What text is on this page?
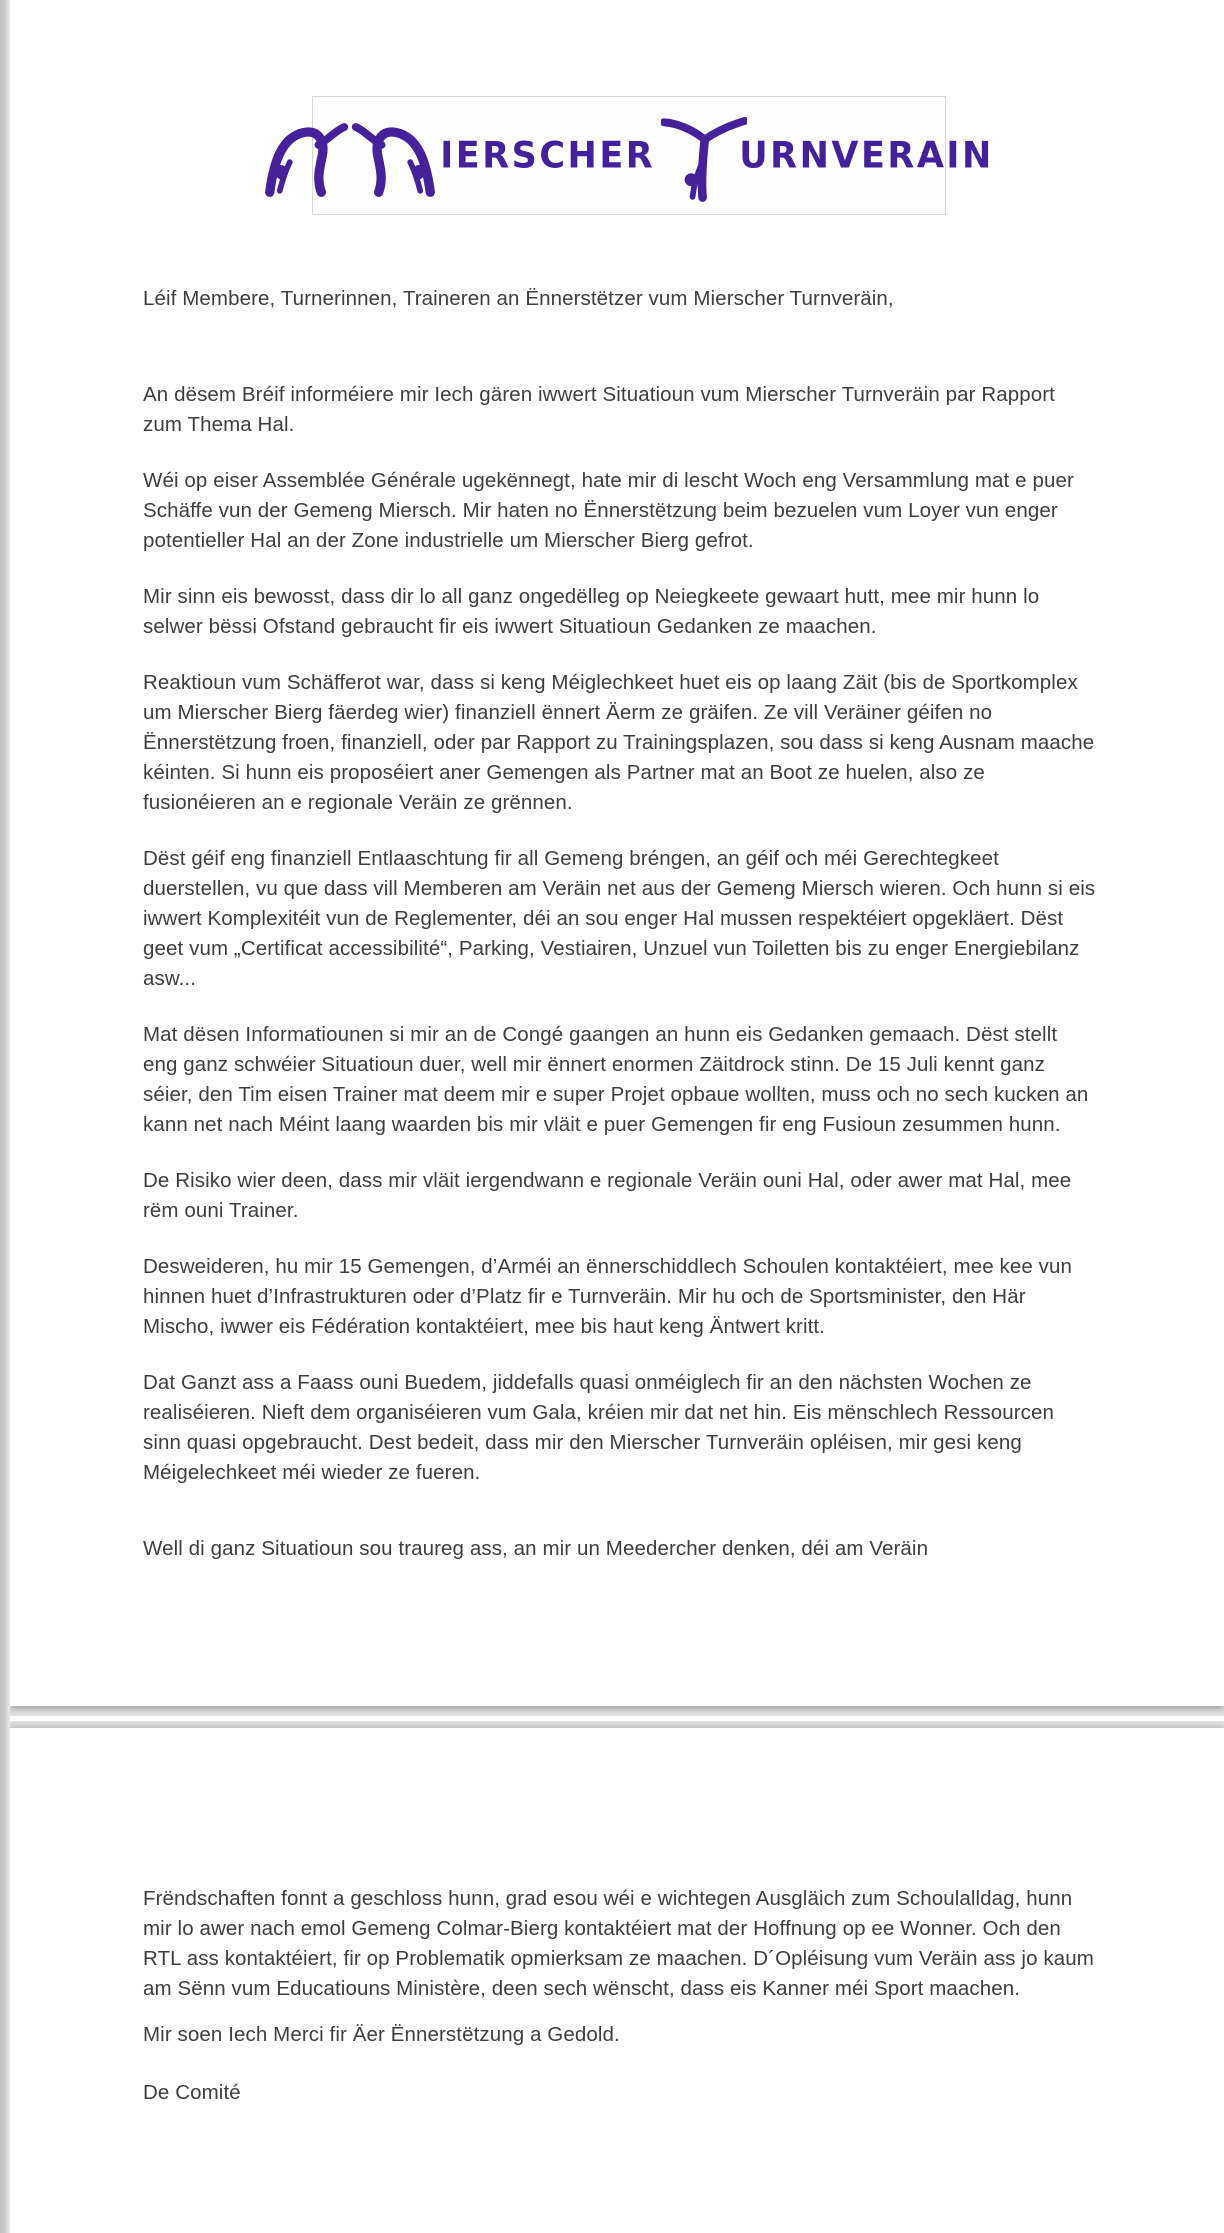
IERSCHER URNVERAIN

Léif Membere, Turnerinnen, Traineren an Ënnerstëtzer vum Mierscher Turnveräin,

An dësem Bréif informéiere mir Iech gären iwwert Situatioun vum Mierscher Turnveräin par Rapport zum Thema Hal.

Wéi op eiser Assemblée Générale ugekënnegt, hate mir di lescht Woch eng Versammlung mat e puer Schäffe vun der Gemeng Miersch. Mir haten no Ënnerstëtzung beim bezuelen vum Loyer vun enger potentieller Hal an der Zone industrielle um Mierscher Bierg gefrot.

Mir sinn eis bewosst, dass dir lo all ganz ongedëlleg op Neiegkeete gewaart hutt, mee mir hunn lo selwer bëssi Ofstand gebraucht fir eis iwwert Situatioun Gedanken ze maachen.

Reaktioun vum Schäfferot war, dass si keng Méiglechkeet huet eis op laang Zäit (bis de Sportkomplex um Mierscher Bierg fäerdeg wier) finanziell ënnert Äerm ze gräifen. Ze vill Veräiner géifen no Ënnerstëtzung froen, finanziell, oder par Rapport zu Trainingsplazen, sou dass si keng Ausnam maache kéinten. Si hunn eis proposéiert aner Gemengen als Partner mat an Boot ze huelen, also ze fusionéieren an e regionale Veräin ze grënnen.

Dëst géif eng finanziell Entlaaschtung fir all Gemeng bréngen, an géif och méi Gerechtegkeet duerstellen, vu que dass vill Memberen am Veräin net aus der Gemeng Miersch wieren. Och hunn si eis iwwert Komplexitéit vun de Reglementer, déi an sou enger Hal mussen respektéiert opgekläert. Dëst geet vum „Certificat accessibilité“, Parking, Vestiairen, Unzuel vun Toiletten bis zu enger Energiebilanz asw...

Mat dësen Informatiounen si mir an de Congé gaangen an hunn eis Gedanken gemaach. Dëst stellt eng ganz schwéier Situatioun duer, well mir ënnert enormen Zäitdrock stinn. De 15 Juli kennt ganz séier, den Tim eisen Trainer mat deem mir e super Projet opbaue wollten, muss och no sech kucken an kann net nach Méint laang waarden bis mir vläit e puer Gemengen fir eng Fusioun zesummen hunn.

De Risiko wier deen, dass mir vläit iergendwann e regionale Veräin ouni Hal, oder awer mat Hal, mee rëm ouni Trainer.

Desweideren, hu mir 15 Gemengen, d’Arméi an ënnerschiddlech Schoulen kontaktéiert, mee kee vun hinnen huet d’Infrastrukturen oder d’Platz fir e Turnveräin. Mir hu och de Sportsminister, den Här Mischo, iwwer eis Fédération kontaktéiert, mee bis haut keng Äntwert kritt.

Dat Ganzt ass a Faass ouni Buedem, jiddefalls quasi onméiglech fir an den nächsten Wochen ze realiséieren. Nieft dem organiséieren vum Gala, kréien mir dat net hin. Eis mënschlech Ressourcen sinn quasi opgebraucht. Dest bedeit, dass mir den Mierscher Turnveräin opléisen, mir gesi keng Méigelechkeet méi wieder ze fueren.

Well di ganz Situatioun sou traureg ass, an mir un Meedercher denken, déi am Veräin

Frëndschaften fonnt a geschloss hunn, grad esou wéi e wichtegen Ausgläich zum Schoulalldag, hunn mir lo awer nach emol Gemeng Colmar-Bierg kontaktéiert mat der Hoffnung op ee Wonner. Och den RTL ass kontaktéiert, fir op Problematik opmierksam ze maachen. D´Opléisung vum Veräin ass jo kaum am Sënn vum Educatiouns Ministère, deen sech wënscht, dass eis Kanner méi Sport maachen.

Mir soen Iech Merci fir Äer Ënnerstëtzung a Gedold.

De Comité
